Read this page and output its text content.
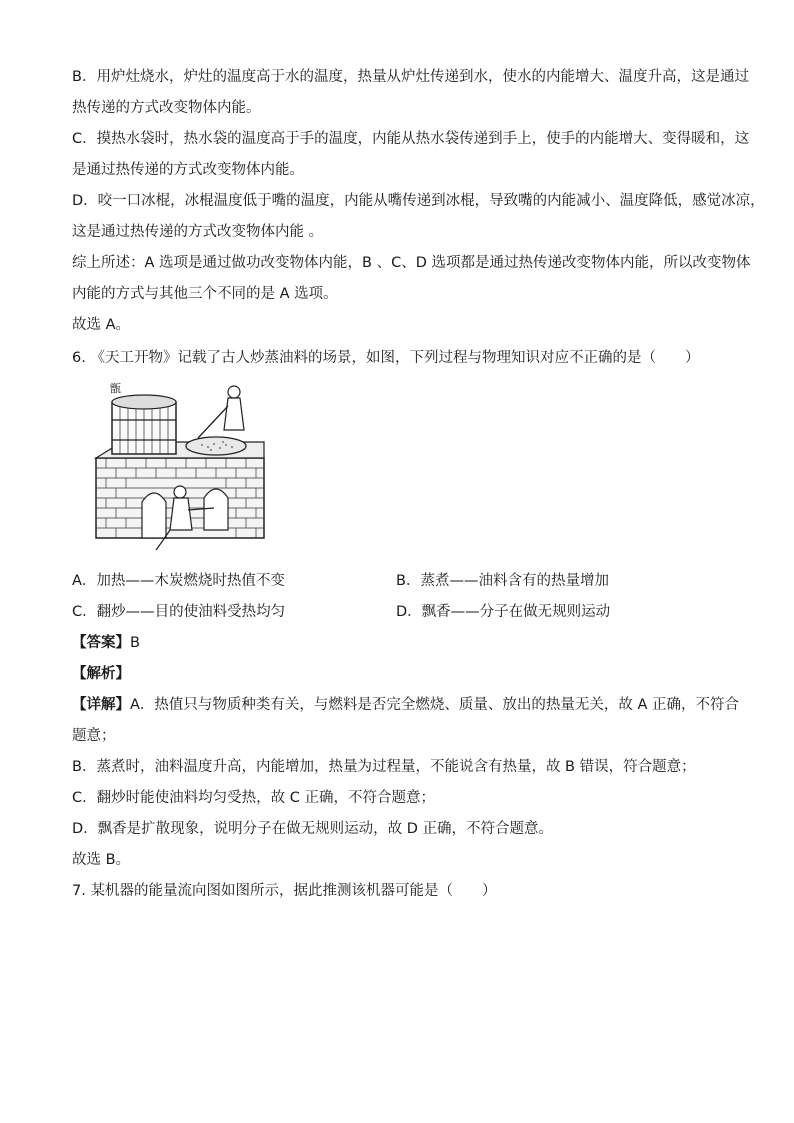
B．用炉灶烧水，炉灶的温度高于水的温度，热量从炉灶传递到水，使水的内能增大、温度升高，这是通过

热传递的方式改变物体内能。

C．摸热水袋时，热水袋的温度高于手的温度，内能从热水袋传递到手上，使手的内能增大、变得暖和，这

是通过热传递的方式改变物体内能。

D．咬一口冰棍，冰棍温度低于嘴的温度，内能从嘴传递到冰棍，导致嘴的内能减小、温度降低，感觉冰凉，

这是通过热传递的方式改变物体内能 。

综上所述：A 选项是通过做功改变物体内能，B 、C、D 选项都是通过热传递改变物体内能，所以改变物体

内能的方式与其他三个不同的是 A 选项。

故选 A。

6. 《天工开物》记载了古人炒蒸油料的场景，如图，下列过程与物理知识对应不正确的是（　　）

甑
A．加热——木炭燃烧时热值不变	B．蒸煮——油料含有的热量增加
C．翻炒——目的使油料受热均匀	D．飘香——分子在做无规则运动

【答案】B

【解析】

【详解】A．热值只与物质种类有关，与燃料是否完全燃烧、质量、放出的热量无关，故 A 正确，不符合

题意；

B．蒸煮时，油料温度升高，内能增加，热量为过程量，不能说含有热量，故 B 错误，符合题意；

C．翻炒时能使油料均匀受热，故 C 正确，不符合题意；

D．飘香是扩散现象，说明分子在做无规则运动，故 D 正确，不符合题意。

故选 B。

7. 某机器的能量流向图如图所示，据此推测该机器可能是（　　）
